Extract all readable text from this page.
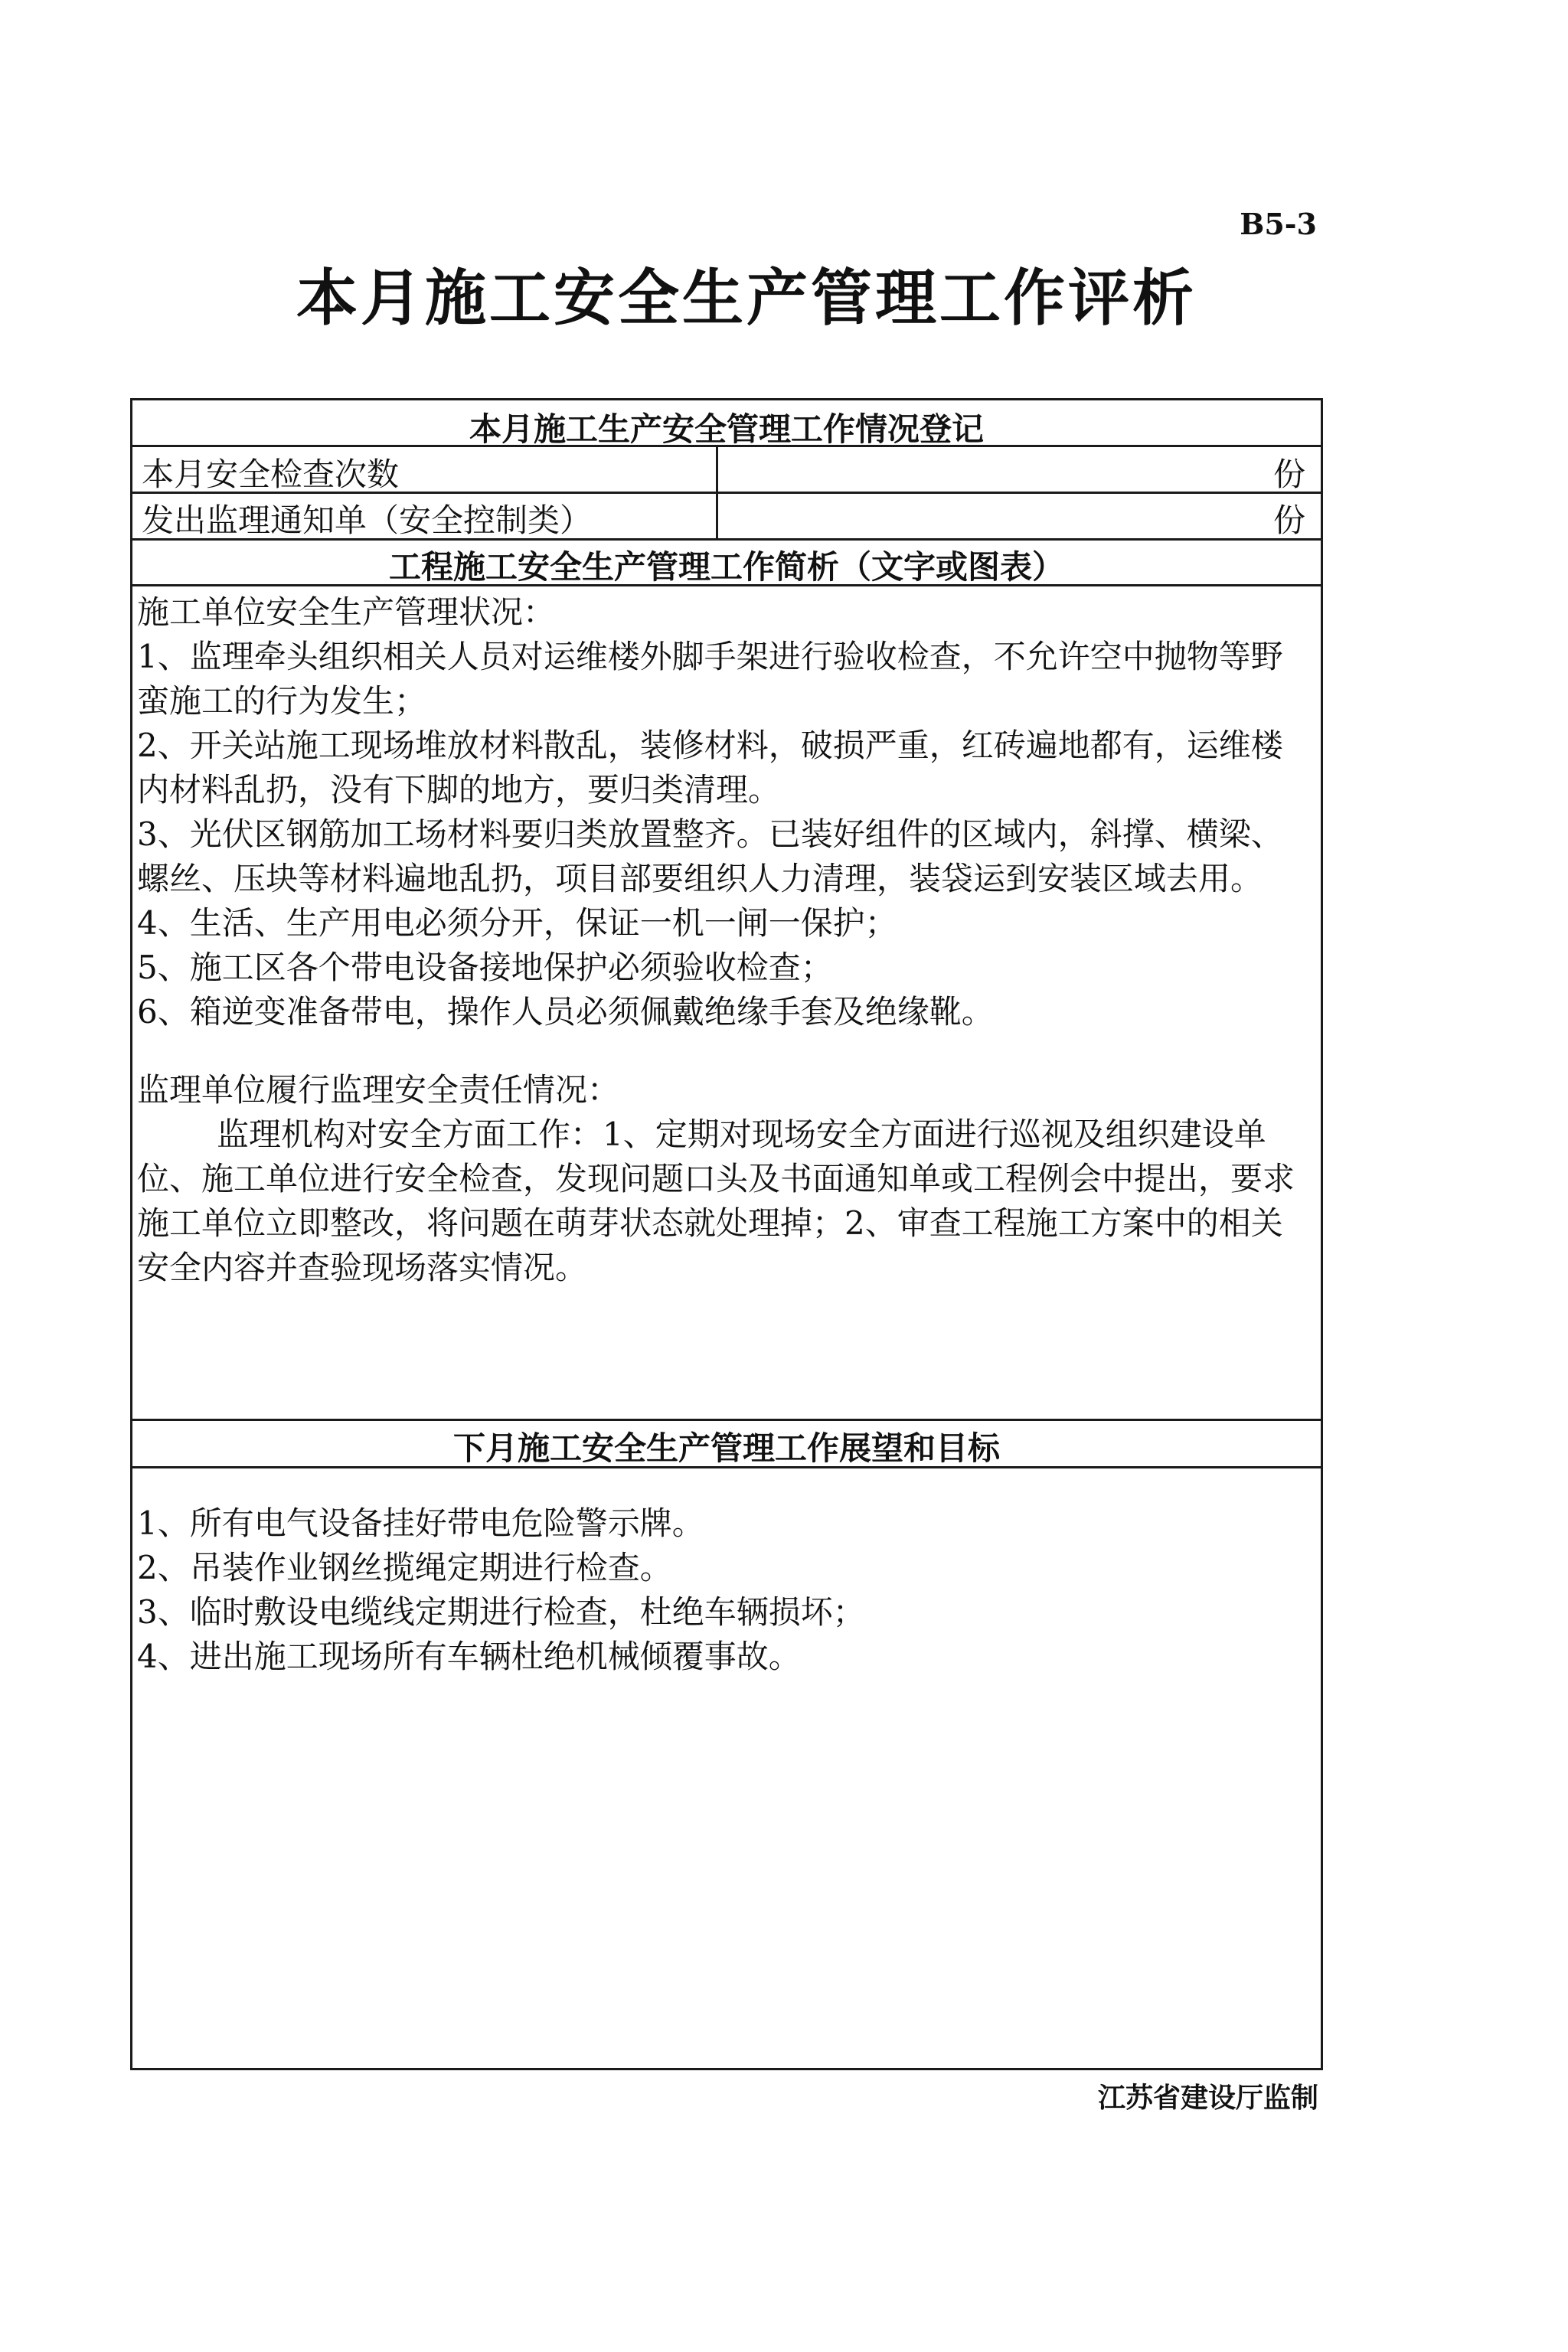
B5-3
本月施工安全生产管理工作评析
本月施工生产安全管理工作情况登记
本月安全检查次数	份
发出监理通知单（安全控制类）	份
工程施工安全生产管理工作简析（文字或图表）

施工单位安全生产管理状况：

1、监理牵头组织相关人员对运维楼外脚手架进行验收检查，不允许空中抛物等野蛮施工的行为发生；

2、开关站施工现场堆放材料散乱，装修材料，破损严重，红砖遍地都有，运维楼内材料乱扔，没有下脚的地方，要归类清理。

3、光伏区钢筋加工场材料要归类放置整齐。已装好组件的区域内，斜撑、横梁、螺丝、压块等材料遍地乱扔，项目部要组织人力清理，装袋运到安装区域去用。

4、生活、生产用电必须分开，保证一机一闸一保护；

5、施工区各个带电设备接地保护必须验收检查；

6、箱逆变准备带电，操作人员必须佩戴绝缘手套及绝缘靴。

监理单位履行监理安全责任情况：

监理机构对安全方面工作：1、定期对现场安全方面进行巡视及组织建设单位、施工单位进行安全检查，发现问题口头及书面通知单或工程例会中提出，要求施工单位立即整改，将问题在萌芽状态就处理掉；2、审查工程施工方案中的相关安全内容并查验现场落实情况。

下月施工安全生产管理工作展望和目标

1、所有电气设备挂好带电危险警示牌。

2、吊装作业钢丝揽绳定期进行检查。

3、临时敷设电缆线定期进行检查，杜绝车辆损坏；

4、进出施工现场所有车辆杜绝机械倾覆事故。

江苏省建设厅监制
